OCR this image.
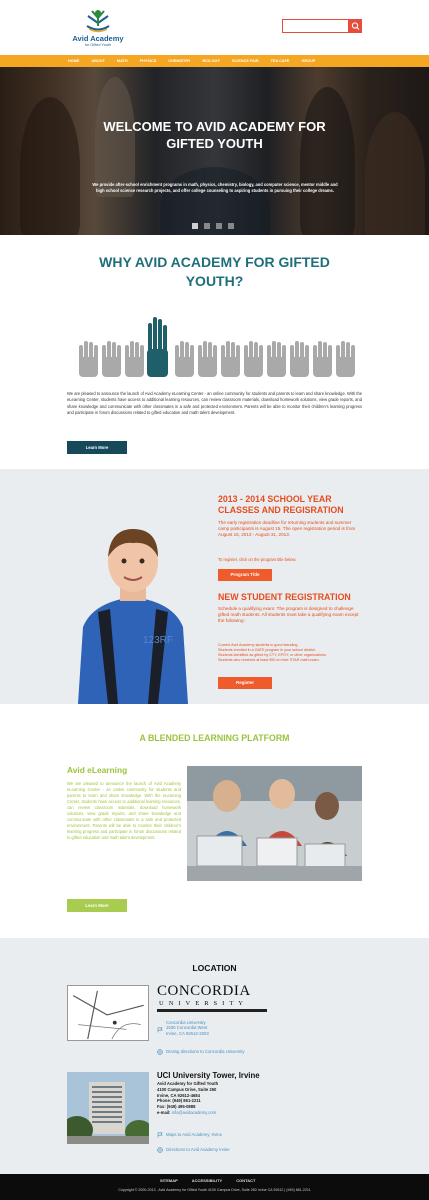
Avid Academy
for Gifted Youth
HOME	ABOUT	MATH	PHYSICS	CHEMISTRY	BIOLOGY	SCIENCE FAIR	TEA CAFE	GROUP
WELCOME TO AVID ACADEMY FOR GIFTED YOUTH
We provide after-school enrichment programs in math, physics, chemistry, biology, and computer science, mentor middle and high school science research projects, and offer college counseling to aspiring students in pursuing their college dreams.
WHY AVID ACADEMY FOR GIFTED YOUTH?
We are pleased to announce the launch of Avid Academy eLearning Center - an online community for students and parents to learn and share knowledge. With the eLearning Center, students have access to additional learning resources, can review classroom materials, download homework solutions, view grade reports, and share knowledge and communicate with other classmates in a safe and protected environment. Parents will be able to monitor their children's learning progress and participate in forum discussions related to gifted education and math talent development.
Learn More
123RF
2013 - 2014 SCHOOL YEAR CLASSES AND REGISRATION
The early registration deadline for returning students and summer camp participants is August 15. The open registration period is from August 15, 2013 - August 31, 2013.
To register, click on the program title below.
Program Title
NEW STUDENT REGISTRATION
Schedule a qualifying exam: The program is designed to challenge gifted math students. All students must take a qualifying exam except the following:
Current Avid Academy students in good standing.
Students enrolled in a GATE program in your school district.
Students identified as gifted by CTY, EPGY, or other organizations.
Students who received at least 550 on their STAR math exam.
Register
A BLENDED LEARNING PLATFORM
Avid eLearning
We are pleased to announce the launch of Avid Academy eLearning Center - an online community for students and parents to learn and share knowledge. With the eLearning Center, students have access to additional learning resources, can review classroom materials, download homework solutions, view grade reports, and share knowledge and communicate with other classmates in a safe and protected environment. Parents will be able to monitor their children's learning progress and participate in forum discussions related to gifted education and math talent development.
Learn More
LOCATION
CONCORDIA
UNIVERSITY
Concordia University
1530 Concordia West
Irvine, CA 92612-3203
Driving directions to Concordia University
UCI University Tower, Irvine
Avid Academy for Gifted Youth
4100 Campus Drive, Suite 260
Irvine, CA 92612-4684
Phone: (949) 861-2211
Fax: (949) 495-0888
e-mail: info@avidacademy.com
Maps to Avid Academy, Irvine
Directions to Avid Academy Irvine
SITEMAP	ACCESSIBILITY	CONTACT
Copyright © 2000-2013 , Avid Academy for Gifted Youth 4100 Campus Drive, Suite 260 Irvine CA 92612 | (949) 861-2211
